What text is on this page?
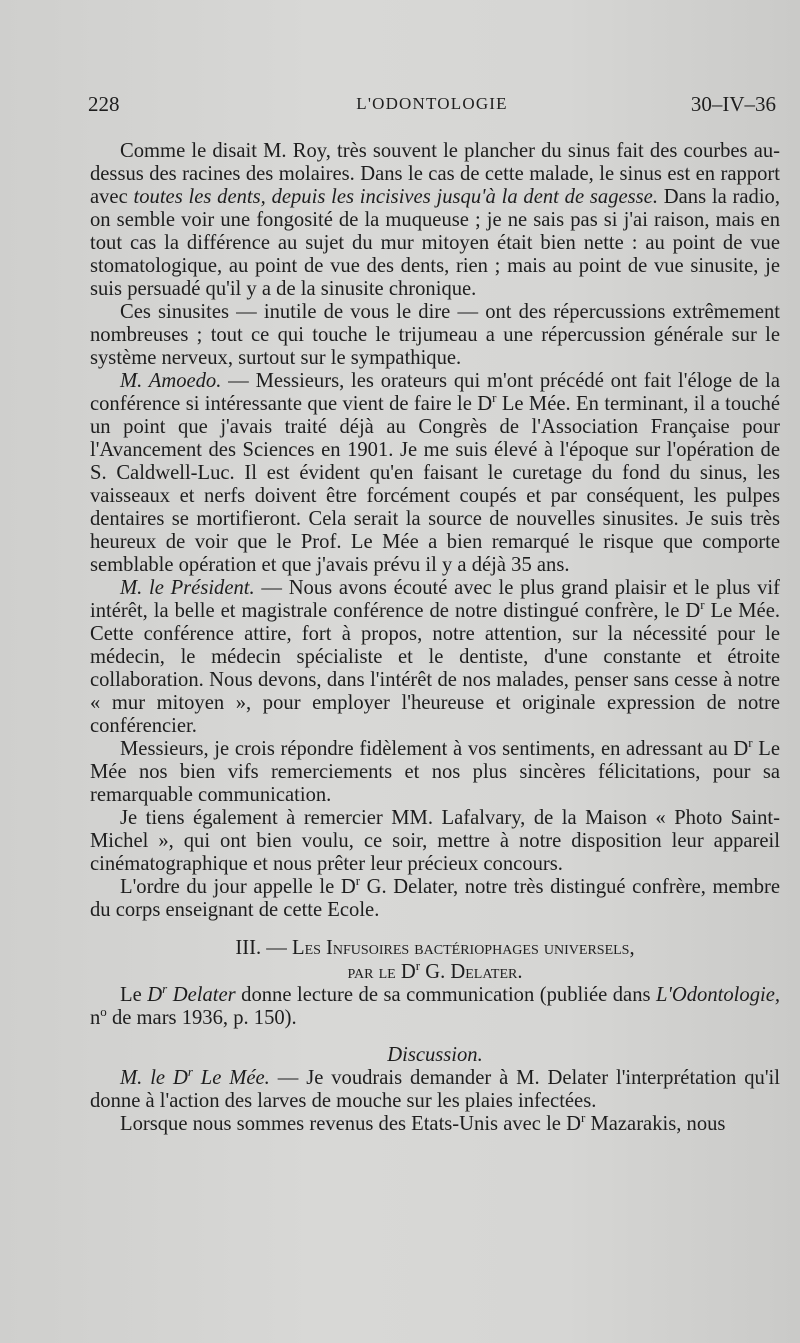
228	L'ODONTOLOGIE	30–IV–36

Comme le disait M. Roy, très souvent le plancher du sinus fait des courbes au-dessus des racines des molaires. Dans le cas de cette malade, le sinus est en rapport avec toutes les dents, depuis les incisives jusqu'à la dent de sagesse. Dans la radio, on semble voir une fongosité de la muqueuse ; je ne sais pas si j'ai raison, mais en tout cas la différence au sujet du mur mitoyen était bien nette : au point de vue stomatologique, au point de vue des dents, rien ; mais au point de vue sinusite, je suis persuadé qu'il y a de la sinusite chronique.

Ces sinusites — inutile de vous le dire — ont des répercussions extrêmement nombreuses ; tout ce qui touche le trijumeau a une répercussion générale sur le système nerveux, surtout sur le sympathique.

M. Amoedo. — Messieurs, les orateurs qui m'ont précédé ont fait l'éloge de la conférence si intéressante que vient de faire le $D^r$ Le Mée. En terminant, il a touché un point que j'avais traité déjà au Congrès de l'Association Française pour l'Avancement des Sciences en 1901. Je me suis élevé à l'époque sur l'opération de S. Caldwell-Luc. Il est évident qu'en faisant le curetage du fond du sinus, les vaisseaux et nerfs doivent être forcément coupés et par conséquent, les pulpes dentaires se mortifieront. Cela serait la source de nouvelles sinusites. Je suis très heureux de voir que le Prof. Le Mée a bien remarqué le risque que comporte semblable opération et que j'avais prévu il y a déjà 35 ans.

M. le Président. — Nous avons écouté avec le plus grand plaisir et le plus vif intérêt, la belle et magistrale conférence de notre distingué confrère, le $D^r$ Le Mée. Cette conférence attire, fort à propos, notre attention, sur la nécessité pour le médecin, le médecin spécialiste et le dentiste, d'une constante et étroite collaboration. Nous devons, dans l'intérêt de nos malades, penser sans cesse à notre « mur mitoyen », pour employer l'heureuse et originale expression de notre conférencier.

Messieurs, je crois répondre fidèlement à vos sentiments, en adressant au $D^r$ Le Mée nos bien vifs remerciements et nos plus sincères félicitations, pour sa remarquable communication.

Je tiens également à remercier MM. Lafalvary, de la Maison « Photo Saint-Michel », qui ont bien voulu, ce soir, mettre à notre disposition leur appareil cinématographique et nous prêter leur précieux concours.

L'ordre du jour appelle le $D^r$ G. Delater, notre très distingué confrère, membre du corps enseignant de cette Ecole.

III. — Les Infusoires bactériophages universels,
par le $D^r$ G. Delater.

Le $D^r$ Delater donne lecture de sa communication (publiée dans L'Odontologie, $n^o$ de mars 1936, p. 150).

Discussion.

M. le $D^r$ Le Mée. — Je voudrais demander à M. Delater l'interprétation qu'il donne à l'action des larves de mouche sur les plaies infectées.

Lorsque nous sommes revenus des Etats-Unis avec le $D^r$ Mazarakis, nous
